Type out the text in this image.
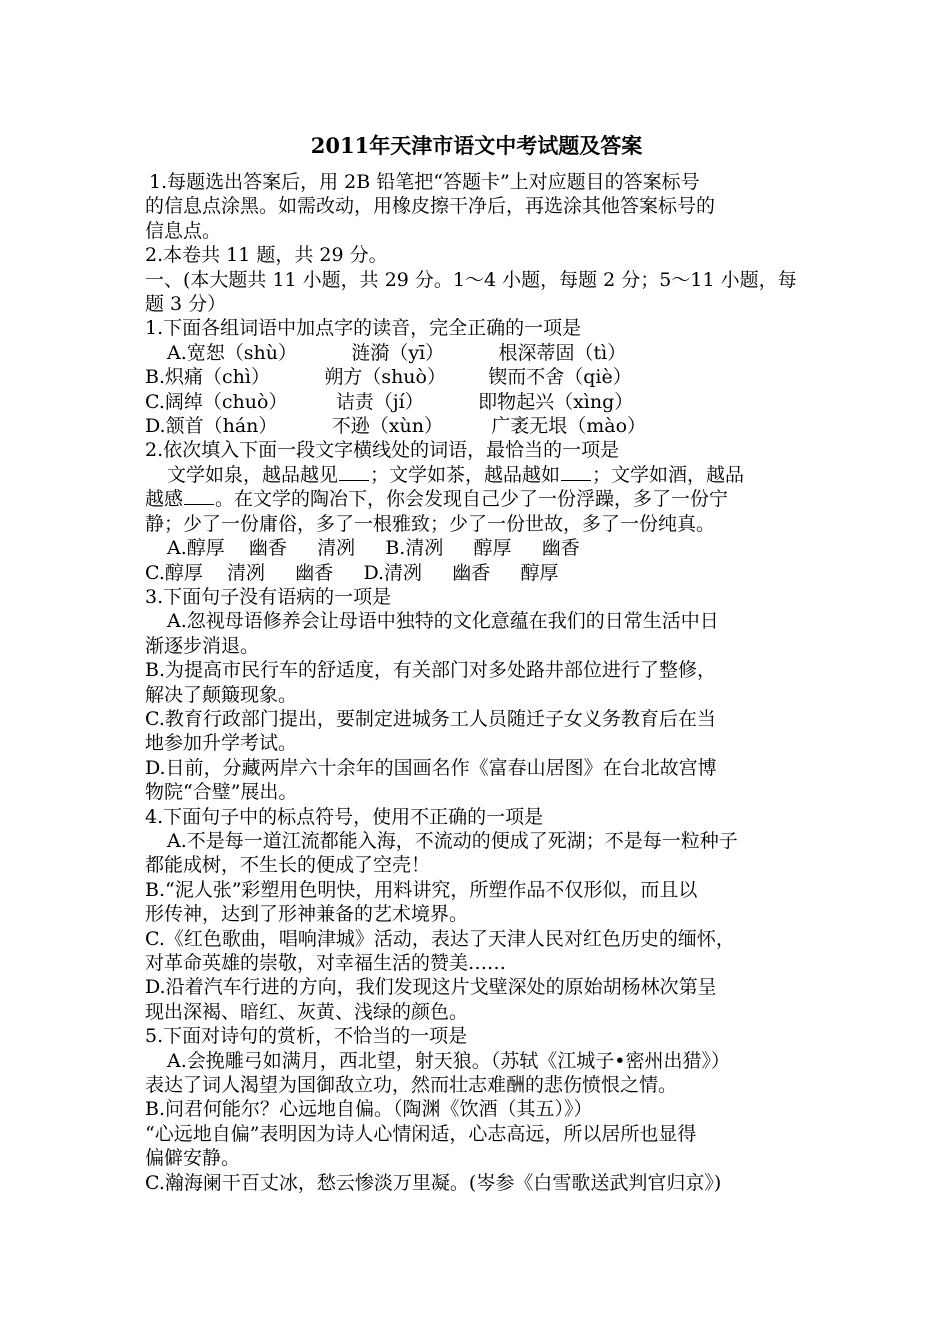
2011年天津市语文中考试题及答案
1.每题选出答案后，用 2B 铅笔把“答题卡”上对应题目的答案标号
的信息点涂黑。如需改动，用橡皮擦干净后，再选涂其他答案标号的
信息点。
2.本卷共 11 题，共 29 分。
一、(本大题共 11 小题，共 29 分。1～4 小题，每题 2 分；5～11 小题，每
题 3 分）
1.下面各组词语中加点字的读音，完全正确的一项是
A.宽恕（shù）         涟漪（yī）         根深蒂固（tì）
B.炽痛（chì）         朔方（shuò）       锲而不舍（qiè）
C.阔绰（chuò）        诘责（jí）         即物起兴（xìng）
D.颔首（hán）         不逊（xùn）        广袤无垠（mào）
2.依次填入下面一段文字横线处的词语，最恰当的一项是
文学如泉，越品越见 ；文学如茶，越品越如 ；文学如酒，越品
越感 。在文学的陶冶下，你会发现自己少了一份浮躁，多了一份宁
静；少了一份庸俗，多了一根雅致；少了一份世故，多了一份纯真。
A.醇厚    幽香     清冽     B.清冽     醇厚     幽香
C.醇厚    清冽     幽香     D.清冽     幽香     醇厚
3.下面句子没有语病的一项是
A.忽视母语修养会让母语中独特的文化意蕴在我们的日常生活中日
渐逐步消退。
B.为提高市民行车的舒适度，有关部门对多处路井部位进行了整修，
解决了颠簸现象。
C.教育行政部门提出，要制定进城务工人员随迁子女义务教育后在当
地参加升学考试。
D.日前，分藏两岸六十余年的国画名作《富春山居图》在台北故宫博
物院“合璧”展出。
4.下面句子中的标点符号，使用不正确的一项是
A.不是每一道江流都能入海，不流动的便成了死湖；不是每一粒种子
都能成树，不生长的便成了空壳！
B.“泥人张”彩塑用色明快，用料讲究，所塑作品不仅形似，而且以
形传神，达到了形神兼备的艺术境界。
C.《红色歌曲，唱响津城》活动，表达了天津人民对红色历史的缅怀，
对革命英雄的崇敬，对幸福生活的赞美……
D.沿着汽车行进的方向，我们发现这片戈壁深处的原始胡杨林次第呈
现出深褐、暗红、灰黄、浅绿的颜色。
5.下面对诗句的赏析，不恰当的一项是
A.会挽雕弓如满月，西北望，射天狼。（苏轼《江城子•密州出猎》）
表达了词人渴望为国御敌立功，然而壮志难酬的悲伤愤恨之情。
B.问君何能尔？心远地自偏。（陶渊《饮酒（其五）》）
“心远地自偏”表明因为诗人心情闲适，心志高远，所以居所也显得
偏僻安静。
C.瀚海阑干百丈冰，愁云惨淡万里凝。(岑参《白雪歌送武判官归京》)
